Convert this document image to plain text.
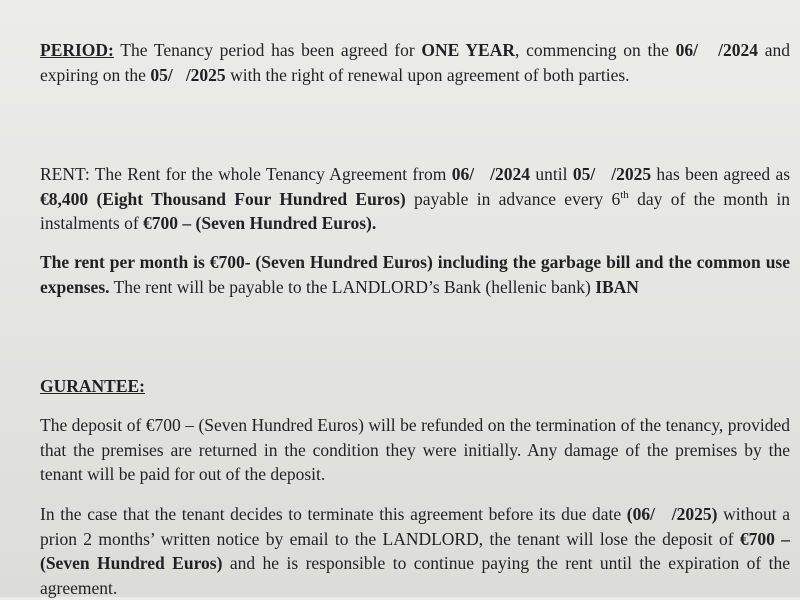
PERIOD: The Tenancy period has been agreed for ONE YEAR, commencing on the 06/   /2024 and expiring on the 05/   /2025 with the right of renewal upon agreement of both parties.
RENT: The Rent for the whole Tenancy Agreement from 06/   /2024 until 05/   /2025 has been agreed as €8,400 (Eight Thousand Four Hundred Euros) payable in advance every 6th day of the month in instalments of €700 – (Seven Hundred Euros).
The rent per month is €700- (Seven Hundred Euros) including the garbage bill and the common use expenses. The rent will be payable to the LANDLORD’s Bank (hellenic bank) IBAN
GURANTEE:
The deposit of €700 – (Seven Hundred Euros) will be refunded on the termination of the tenancy, provided that the premises are returned in the condition they were initially. Any damage of the premises by the tenant will be paid for out of the deposit.
In the case that the tenant decides to terminate this agreement before its due date (06/   /2025) without a prion 2 months’ written notice by email to the LANDLORD, the tenant will lose the deposit of €700 – (Seven Hundred Euros) and he is responsible to continue paying the rent until the expiration of the agreement.
